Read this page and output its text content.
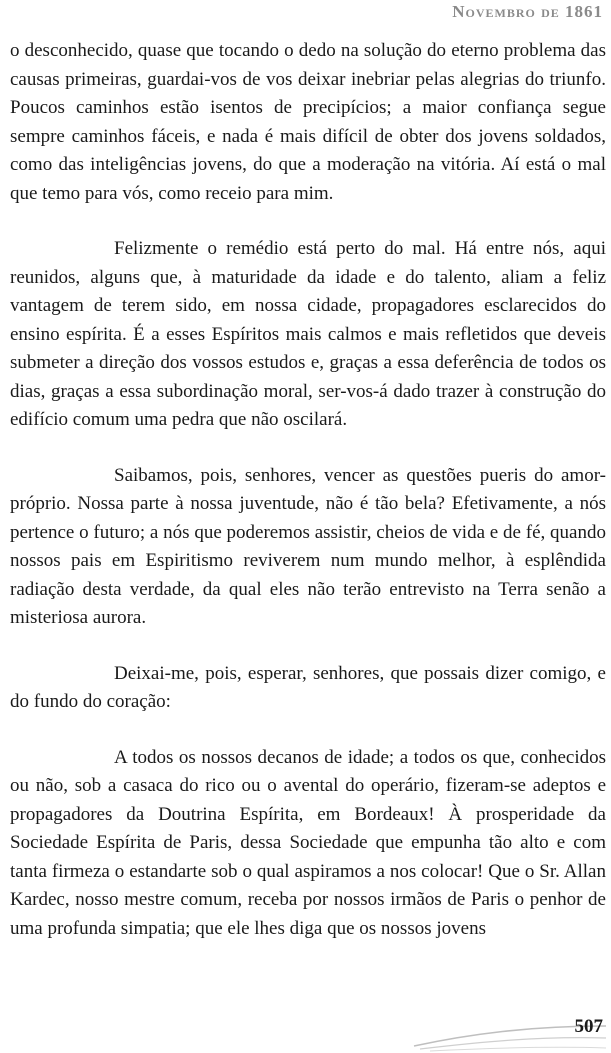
Novembro de 1861

o desconhecido, quase que tocando o dedo na solução do eterno problema das causas primeiras, guardai-vos de vos deixar inebriar pelas alegrias do triunfo. Poucos caminhos estão isentos de precipícios; a maior confiança segue sempre caminhos fáceis, e nada é mais difícil de obter dos jovens soldados, como das inteligências jovens, do que a moderação na vitória. Aí está o mal que temo para vós, como receio para mim.

Felizmente o remédio está perto do mal. Há entre nós, aqui reunidos, alguns que, à maturidade da idade e do talento, aliam a feliz vantagem de terem sido, em nossa cidade, propagadores esclarecidos do ensino espírita. É a esses Espíritos mais calmos e mais refletidos que deveis submeter a direção dos vossos estudos e, graças a essa deferência de todos os dias, graças a essa subordinação moral, ser-vos-á dado trazer à construção do edifício comum uma pedra que não oscilará.

Saibamos, pois, senhores, vencer as questões pueris do amor-próprio. Nossa parte à nossa juventude, não é tão bela? Efetivamente, a nós pertence o futuro; a nós que poderemos assistir, cheios de vida e de fé, quando nossos pais em Espiritismo reviverem num mundo melhor, à esplêndida radiação desta verdade, da qual eles não terão entrevisto na Terra senão a misteriosa aurora.

Deixai-me, pois, esperar, senhores, que possais dizer comigo, e do fundo do coração:

A todos os nossos decanos de idade; a todos os que, conhecidos ou não, sob a casaca do rico ou o avental do operário, fizeram-se adeptos e propagadores da Doutrina Espírita, em Bordeaux! À prosperidade da Sociedade Espírita de Paris, dessa Sociedade que empunha tão alto e com tanta firmeza o estandarte sob o qual aspiramos a nos colocar! Que o Sr. Allan Kardec, nosso mestre comum, receba por nossos irmãos de Paris o penhor de uma profunda simpatia; que ele lhes diga que os nossos jovens

507
